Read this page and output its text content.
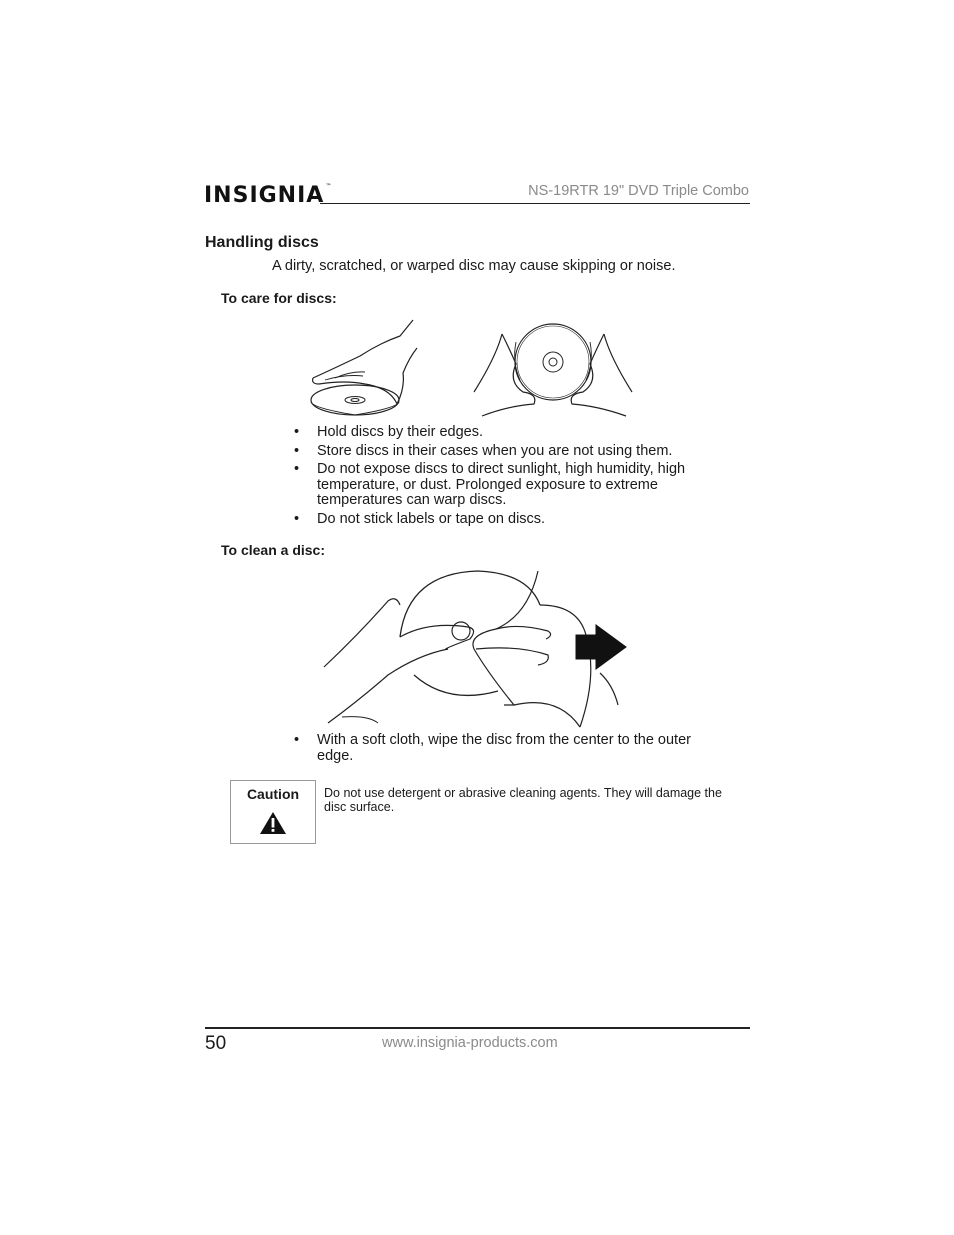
INSIGNIA™	NS-19RTR 19" DVD Triple Combo
Handling discs
A dirty, scratched, or warped disc may cause skipping or noise.
To care for discs:
• Hold discs by their edges.
• Store discs in their cases when you are not using them.
• Do not expose discs to direct sunlight, high humidity, high temperature, or dust. Prolonged exposure to extreme temperatures can warp discs.
• Do not stick labels or tape on discs.
To clean a disc:
• With a soft cloth, wipe the disc from the center to the outer edge.
Caution	Do not use detergent or abrasive cleaning agents. They will damage the disc surface.
50	www.insignia-products.com
